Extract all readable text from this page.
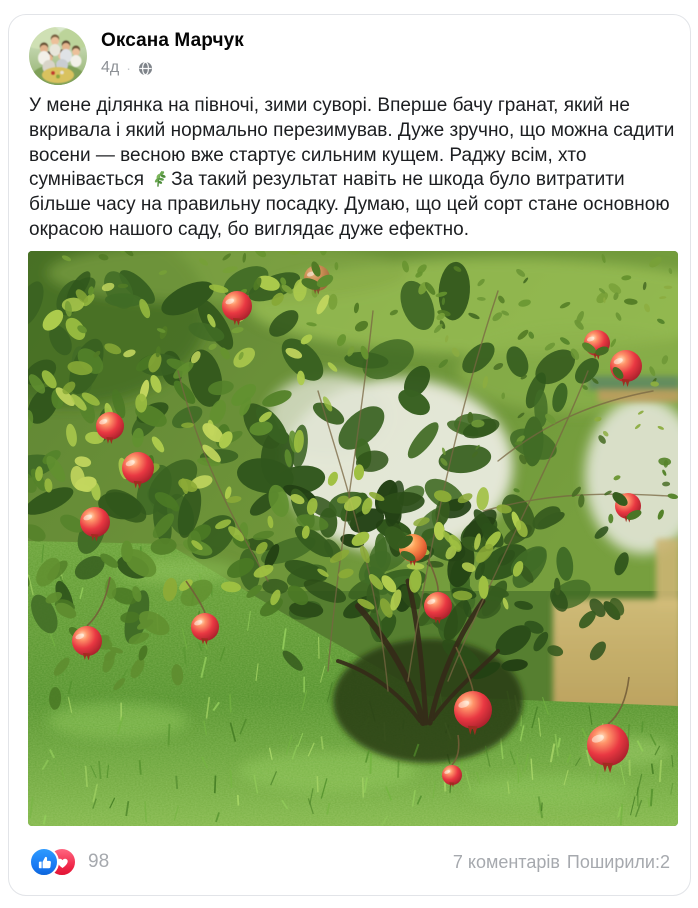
Оксана Марчук
4д ·
У мене ділянка на півночі, зими суворі. Вперше бачу гранат, який не вкривала і який нормально перезимував. Дуже зручно, що можна садити восени — весною вже стартує сильним кущем. Раджу всім, хто сумнівається За такий результат навіть не шкода було витратити більше часу на правильну посадку. Думаю, що цей сорт стане основною окрасою нашого саду, бо виглядає дуже ефектно.
98	7 коментарів Поширили:2
